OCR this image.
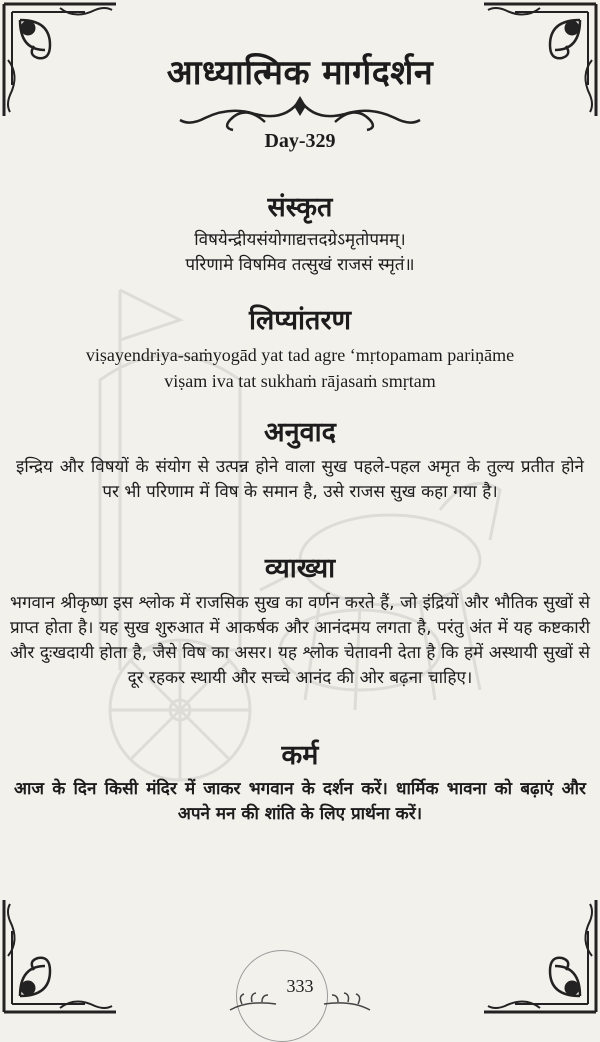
आध्यात्मिक मार्गदर्शन
Day-329
संस्कृत
विषयेन्द्रीयसंयोगाद्यत्तदग्रेऽमृतोपमम्।
परिणामे विषमिव तत्सुखं राजसं स्मृतं॥
लिप्यांतरण
viṣayendriya-saṁyogād yat tad agre ‘mṛtopamam pariṇāme
viṣam iva tat sukhaṁ rājasaṁ smṛtam
अनुवाद
इन्द्रिय और विषयों के संयोग से उत्पन्न होने वाला सुख पहले-पहल अमृत के तुल्य प्रतीत होने पर भी परिणाम में विष के समान है, उसे राजस सुख कहा गया है।
व्याख्या
भगवान श्रीकृष्ण इस श्लोक में राजसिक सुख का वर्णन करते हैं, जो इंद्रियों और भौतिक सुखों से प्राप्त होता है। यह सुख शुरुआत में आकर्षक और आनंदमय लगता है, परंतु अंत में यह कष्टकारी और दुःखदायी होता है, जैसे विष का असर। यह श्लोक चेतावनी देता है कि हमें अस्थायी सुखों से दूर रहकर स्थायी और सच्चे आनंद की ओर बढ़ना चाहिए।
कर्म
आज के दिन किसी मंदिर में जाकर भगवान के दर्शन करें। धार्मिक भावना को बढ़ाएं और अपने मन की शांति के लिए प्रार्थना करें।
333
